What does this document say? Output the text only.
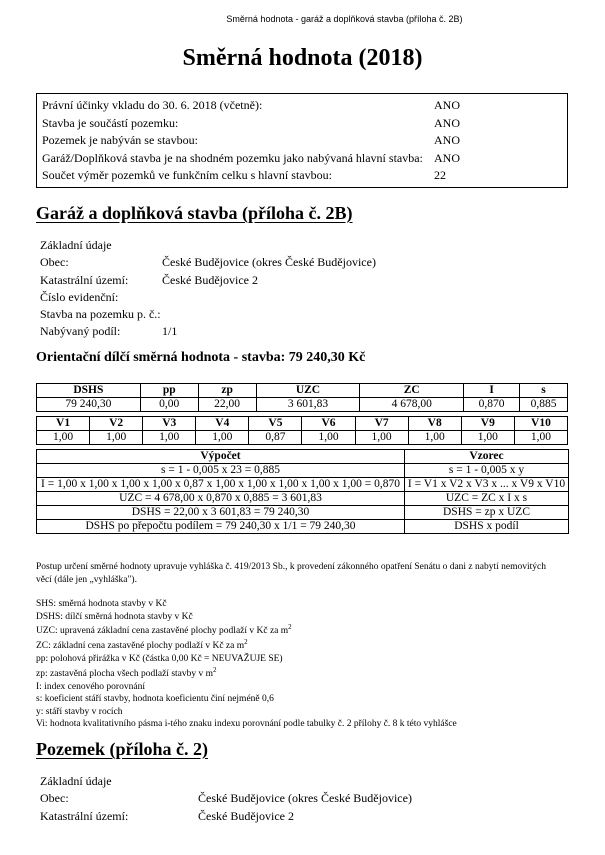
Směrná hodnota - garáž a doplňková stavba (příloha č. 2B)
Směrná hodnota (2018)
Právní účinky vkladu do 30. 6. 2018 (včetně):	ANO
Stavba je součástí pozemku:	ANO
Pozemek je nabýván se stavbou:	ANO
Garáž/Doplňková stavba je na shodném pozemku jako nabývaná hlavní stavba: ANO
Součet výměr pozemků ve funkčním celku s hlavní stavbou:	22
Garáž a doplňková stavba (příloha č. 2B)
Základní údaje
Obec:	České Budějovice (okres České Budějovice)
Katastrální území:	České Budějovice 2
Číslo evidenční:
Stavba na pozemku p. č.:
Nabývaný podíl:	1/1
Orientační dílčí směrná hodnota - stavba: 79 240,30 Kč
DSHS	pp	zp	UZC	ZC	I	s
79 240,30	0,00	22,00	3 601,83	4 678,00	0,870	0,885
V1	V2	V3	V4	V5	V6	V7	V8	V9	V10
1,00	1,00	1,00	1,00	0,87	1,00	1,00	1,00	1,00	1,00
Výpočet	Vzorec
s = 1 - 0,005 x 23 = 0,885	s = 1 - 0,005 x y
I = 1,00 x 1,00 x 1,00 x 1,00 x 0,87 x 1,00 x 1,00 x 1,00 x 1,00 x 1,00 = 0,870	I = V1 x V2 x V3 x ... x V9 x V10
UZC = 4 678,00 x 0,870 x 0,885 = 3 601,83	UZC = ZC x I x s
DSHS = 22,00 x 3 601,83 = 79 240,30	DSHS = zp x UZC
DSHS po přepočtu podílem = 79 240,30 x 1/1 = 79 240,30	DSHS x podíl
Postup určení směrné hodnoty upravuje vyhláška č. 419/2013 Sb., k provedení zákonného opatření Senátu o dani z nabytí nemovitých věcí (dále jen „vyhláška").
SHS: směrná hodnota stavby v Kč
DSHS: dílčí směrná hodnota stavby v Kč
UZC: upravená základní cena zastavěné plochy podlaží v Kč za $m^2$
ZC: základní cena zastavěné plochy podlaží v Kč za $m^2$
pp: polohová přirážka v Kč (částka 0,00 Kč = NEUVAŽUJE SE)
zp: zastavěná plocha všech podlaží stavby v $m^2$
I: index cenového porovnání
s: koeficient stáří stavby, hodnota koeficientu činí nejméně 0,6
y: stáří stavby v rocích
Vi: hodnota kvalitativního pásma i-tého znaku indexu porovnání podle tabulky č. 2 přílohy č. 8 k této vyhlášce
Pozemek (příloha č. 2)
Základní údaje
Obec:	České Budějovice (okres České Budějovice)
Katastrální území:	České Budějovice 2
